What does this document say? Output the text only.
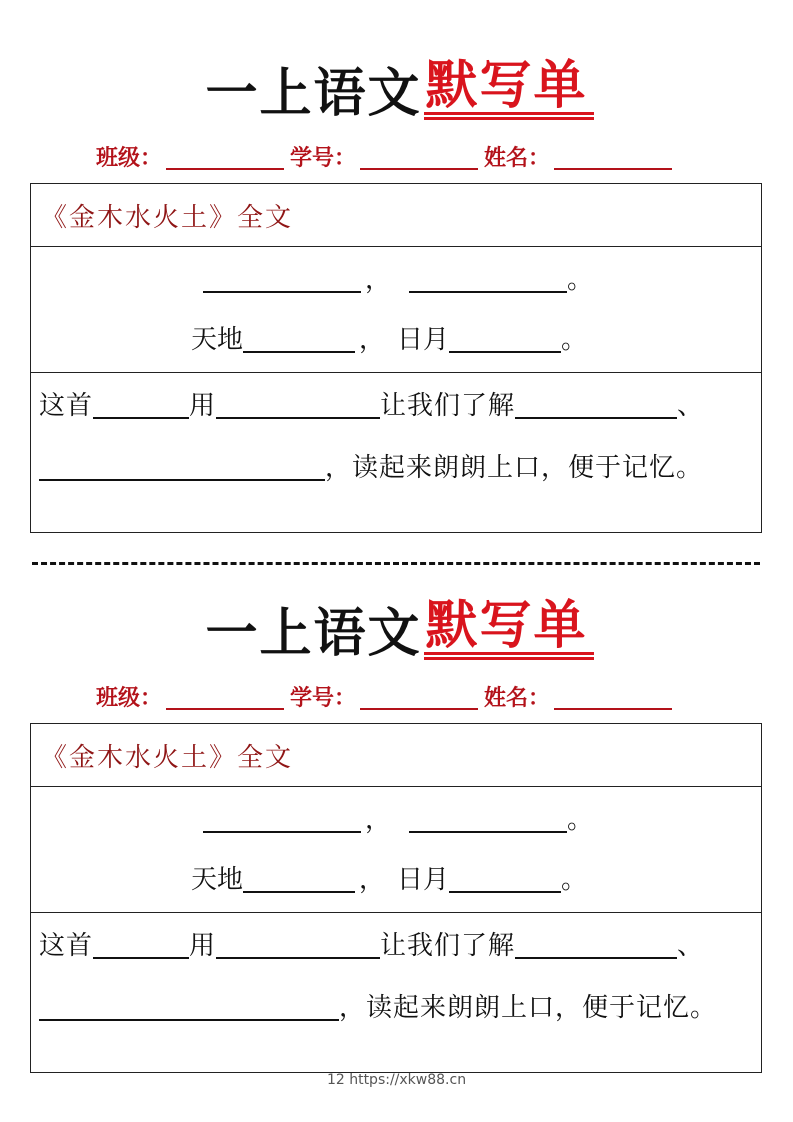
一上语文 默写单
班级：	学号：	姓名：
《金木水火土》全文
，	。
天地	， 日月	。
这首	用	让我们了解	、
，读起来朗朗上口，便于记忆。
一上语文 默写单
班级：	学号：	姓名：
《金木水火土》全文
，	。
天地	， 日月	。
这首	用	让我们了解	、
，读起来朗朗上口，便于记忆。
12 https://xkw88.cn
